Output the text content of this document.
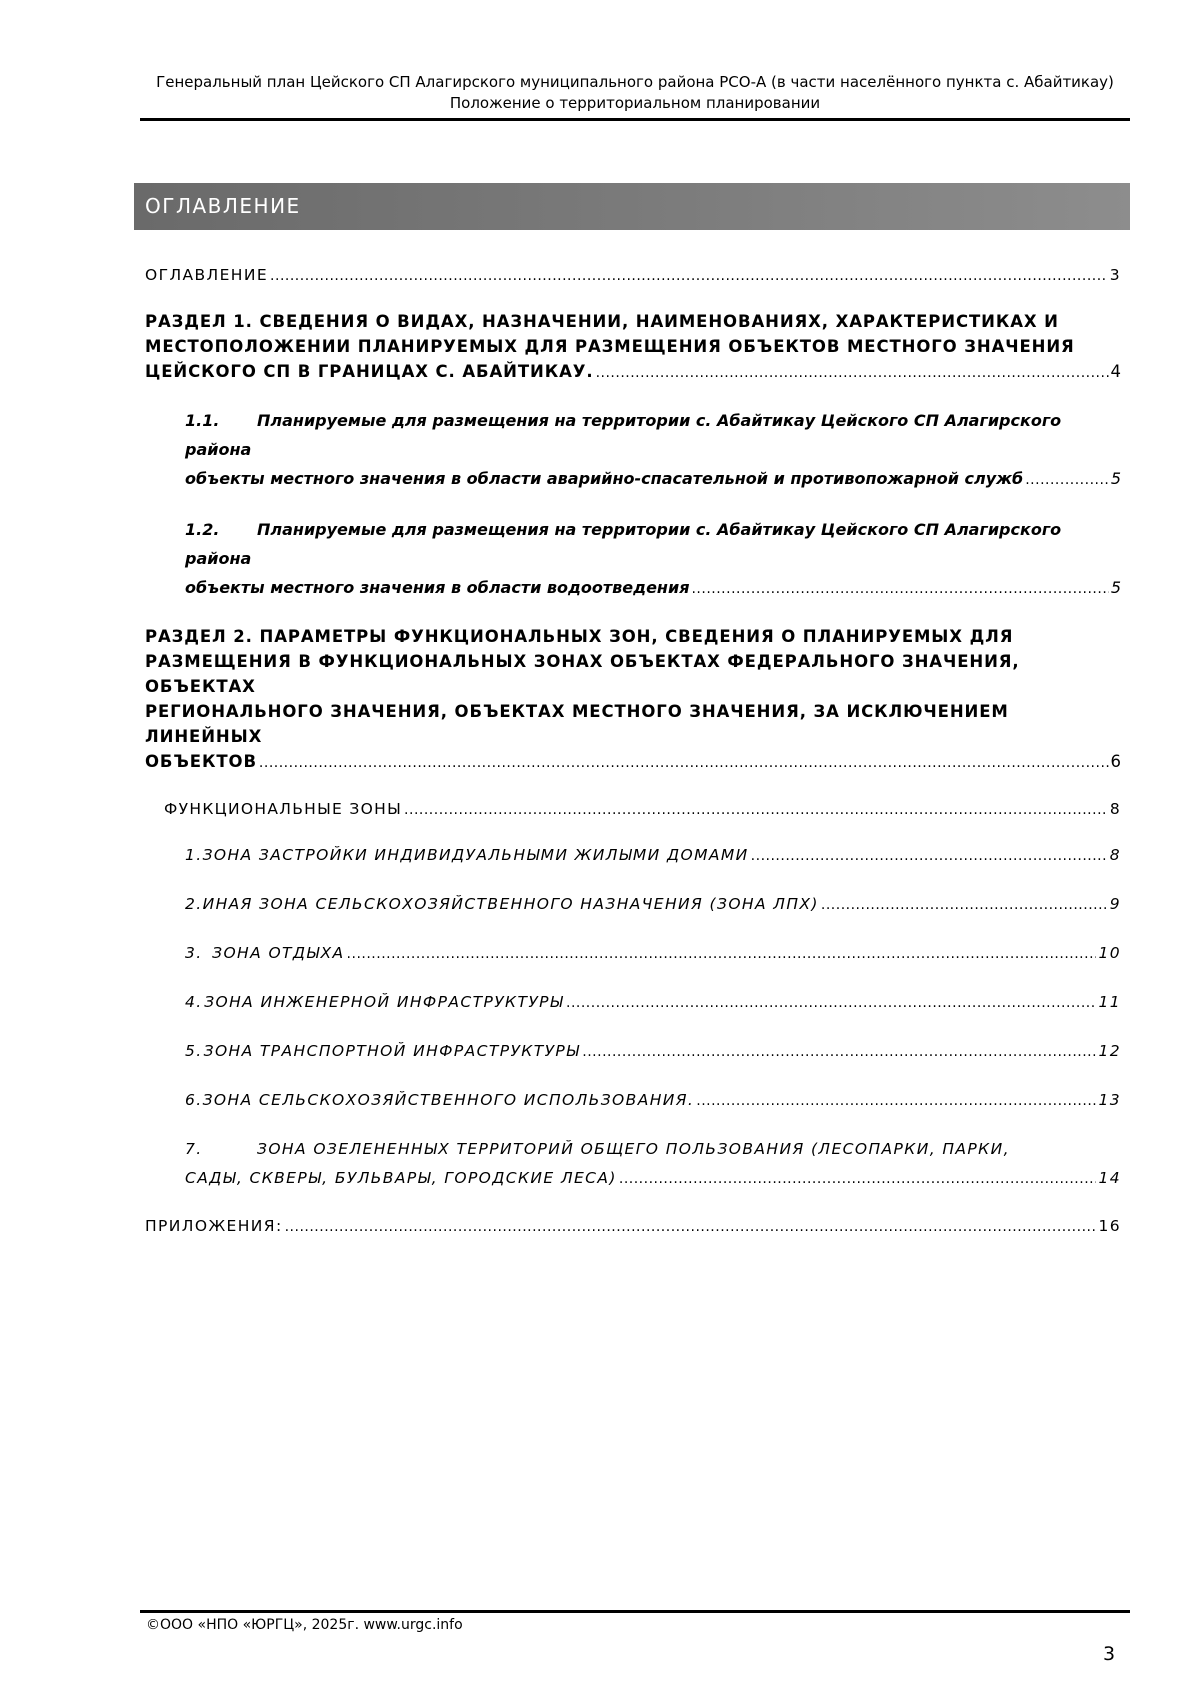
Генеральный план Цейского СП Алагирского муниципального района РСО-А (в части населённого пункта с. Абайтикау)
Положение о территориальном планировании
ОГЛАВЛЕНИЕ
ОГЛАВЛЕНИЕ .....	3
РАЗДЕЛ 1. СВЕДЕНИЯ О ВИДАХ, НАЗНАЧЕНИИ, НАИМЕНОВАНИЯХ, ХАРАКТЕРИСТИКАХ И
МЕСТОПОЛОЖЕНИИ ПЛАНИРУЕМЫХ ДЛЯ РАЗМЕЩЕНИЯ ОБЪЕКТОВ МЕСТНОГО ЗНАЧЕНИЯ
ЦЕЙСКОГО СП В ГРАНИЦАХ С. АБАЙТИКАУ. .....	4
1.1. Планируемые для размещения на территории с. Абайтикау Цейского СП Алагирского района
объекты местного значения в области аварийно-спасательной и противопожарной служб .....	5
1.2. Планируемые для размещения на территории с. Абайтикау Цейского СП Алагирского района
объекты местного значения в области водоотведения .....	5
РАЗДЕЛ 2. ПАРАМЕТРЫ ФУНКЦИОНАЛЬНЫХ ЗОН, СВЕДЕНИЯ О ПЛАНИРУЕМЫХ ДЛЯ
РАЗМЕЩЕНИЯ В ФУНКЦИОНАЛЬНЫХ ЗОНАХ ОБЪЕКТАХ ФЕДЕРАЛЬНОГО ЗНАЧЕНИЯ, ОБЪЕКТАХ
РЕГИОНАЛЬНОГО ЗНАЧЕНИЯ, ОБЪЕКТАХ МЕСТНОГО ЗНАЧЕНИЯ, ЗА ИСКЛЮЧЕНИЕМ ЛИНЕЙНЫХ
ОБЪЕКТОВ .....	6
ФУНКЦИОНАЛЬНЫЕ ЗОНЫ .....	8
1. ЗОНА ЗАСТРОЙКИ ИНДИВИДУАЛЬНЫМИ ЖИЛЫМИ ДОМАМИ .....	8
2. ИНАЯ ЗОНА СЕЛЬСКОХОЗЯЙСТВЕННОГО НАЗНАЧЕНИЯ (ЗОНА ЛПХ) .....	9
3. ЗОНА ОТДЫХА .....	10
4. ЗОНА ИНЖЕНЕРНОЙ ИНФРАСТРУКТУРЫ .....	11
5. ЗОНА ТРАНСПОРТНОЙ ИНФРАСТРУКТУРЫ .....	12
6. ЗОНА СЕЛЬСКОХОЗЯЙСТВЕННОГО ИСПОЛЬЗОВАНИЯ. .....	13
7.	ЗОНА ОЗЕЛЕНЕННЫХ ТЕРРИТОРИЙ ОБЩЕГО ПОЛЬЗОВАНИЯ (ЛЕСОПАРКИ, ПАРКИ,
САДЫ, СКВЕРЫ, БУЛЬВАРЫ, ГОРОДСКИЕ ЛЕСА) .....	14
ПРИЛОЖЕНИЯ: .....	16
©ООО «НПО «ЮРГЦ», 2025г. www.urgc.info
3
